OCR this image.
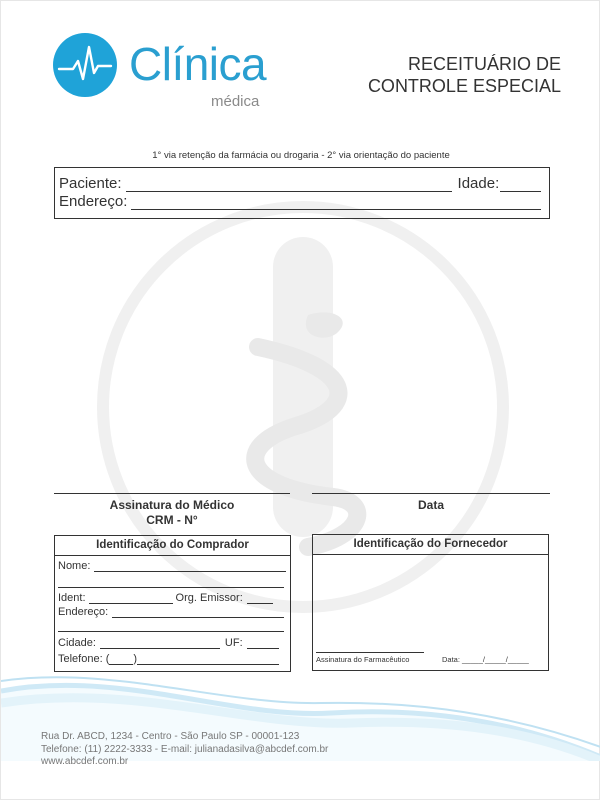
Clínica
médica
RECEITUÁRIO DE
CONTROLE ESPECIAL
1° via retenção da farmácia ou drogaria - 2° via orientação do paciente
Paciente:	Idade:
Endereço:
Assinatura do Médico
CRM - N°
Data
Identificação do Comprador
Nome:
Ident:	Org. Emissor:
Endereço:
Cidade:	UF:
Telefone: ( )
Identificação do Fornecedor
Assinatura do Farmacêutico	Data: _____/_____/_____
Rua Dr. ABCD, 1234 - Centro - São Paulo SP - 00001-123
Telefone: (11) 2222-3333 - E-mail: julianadasilva@abcdef.com.br
www.abcdef.com.br
